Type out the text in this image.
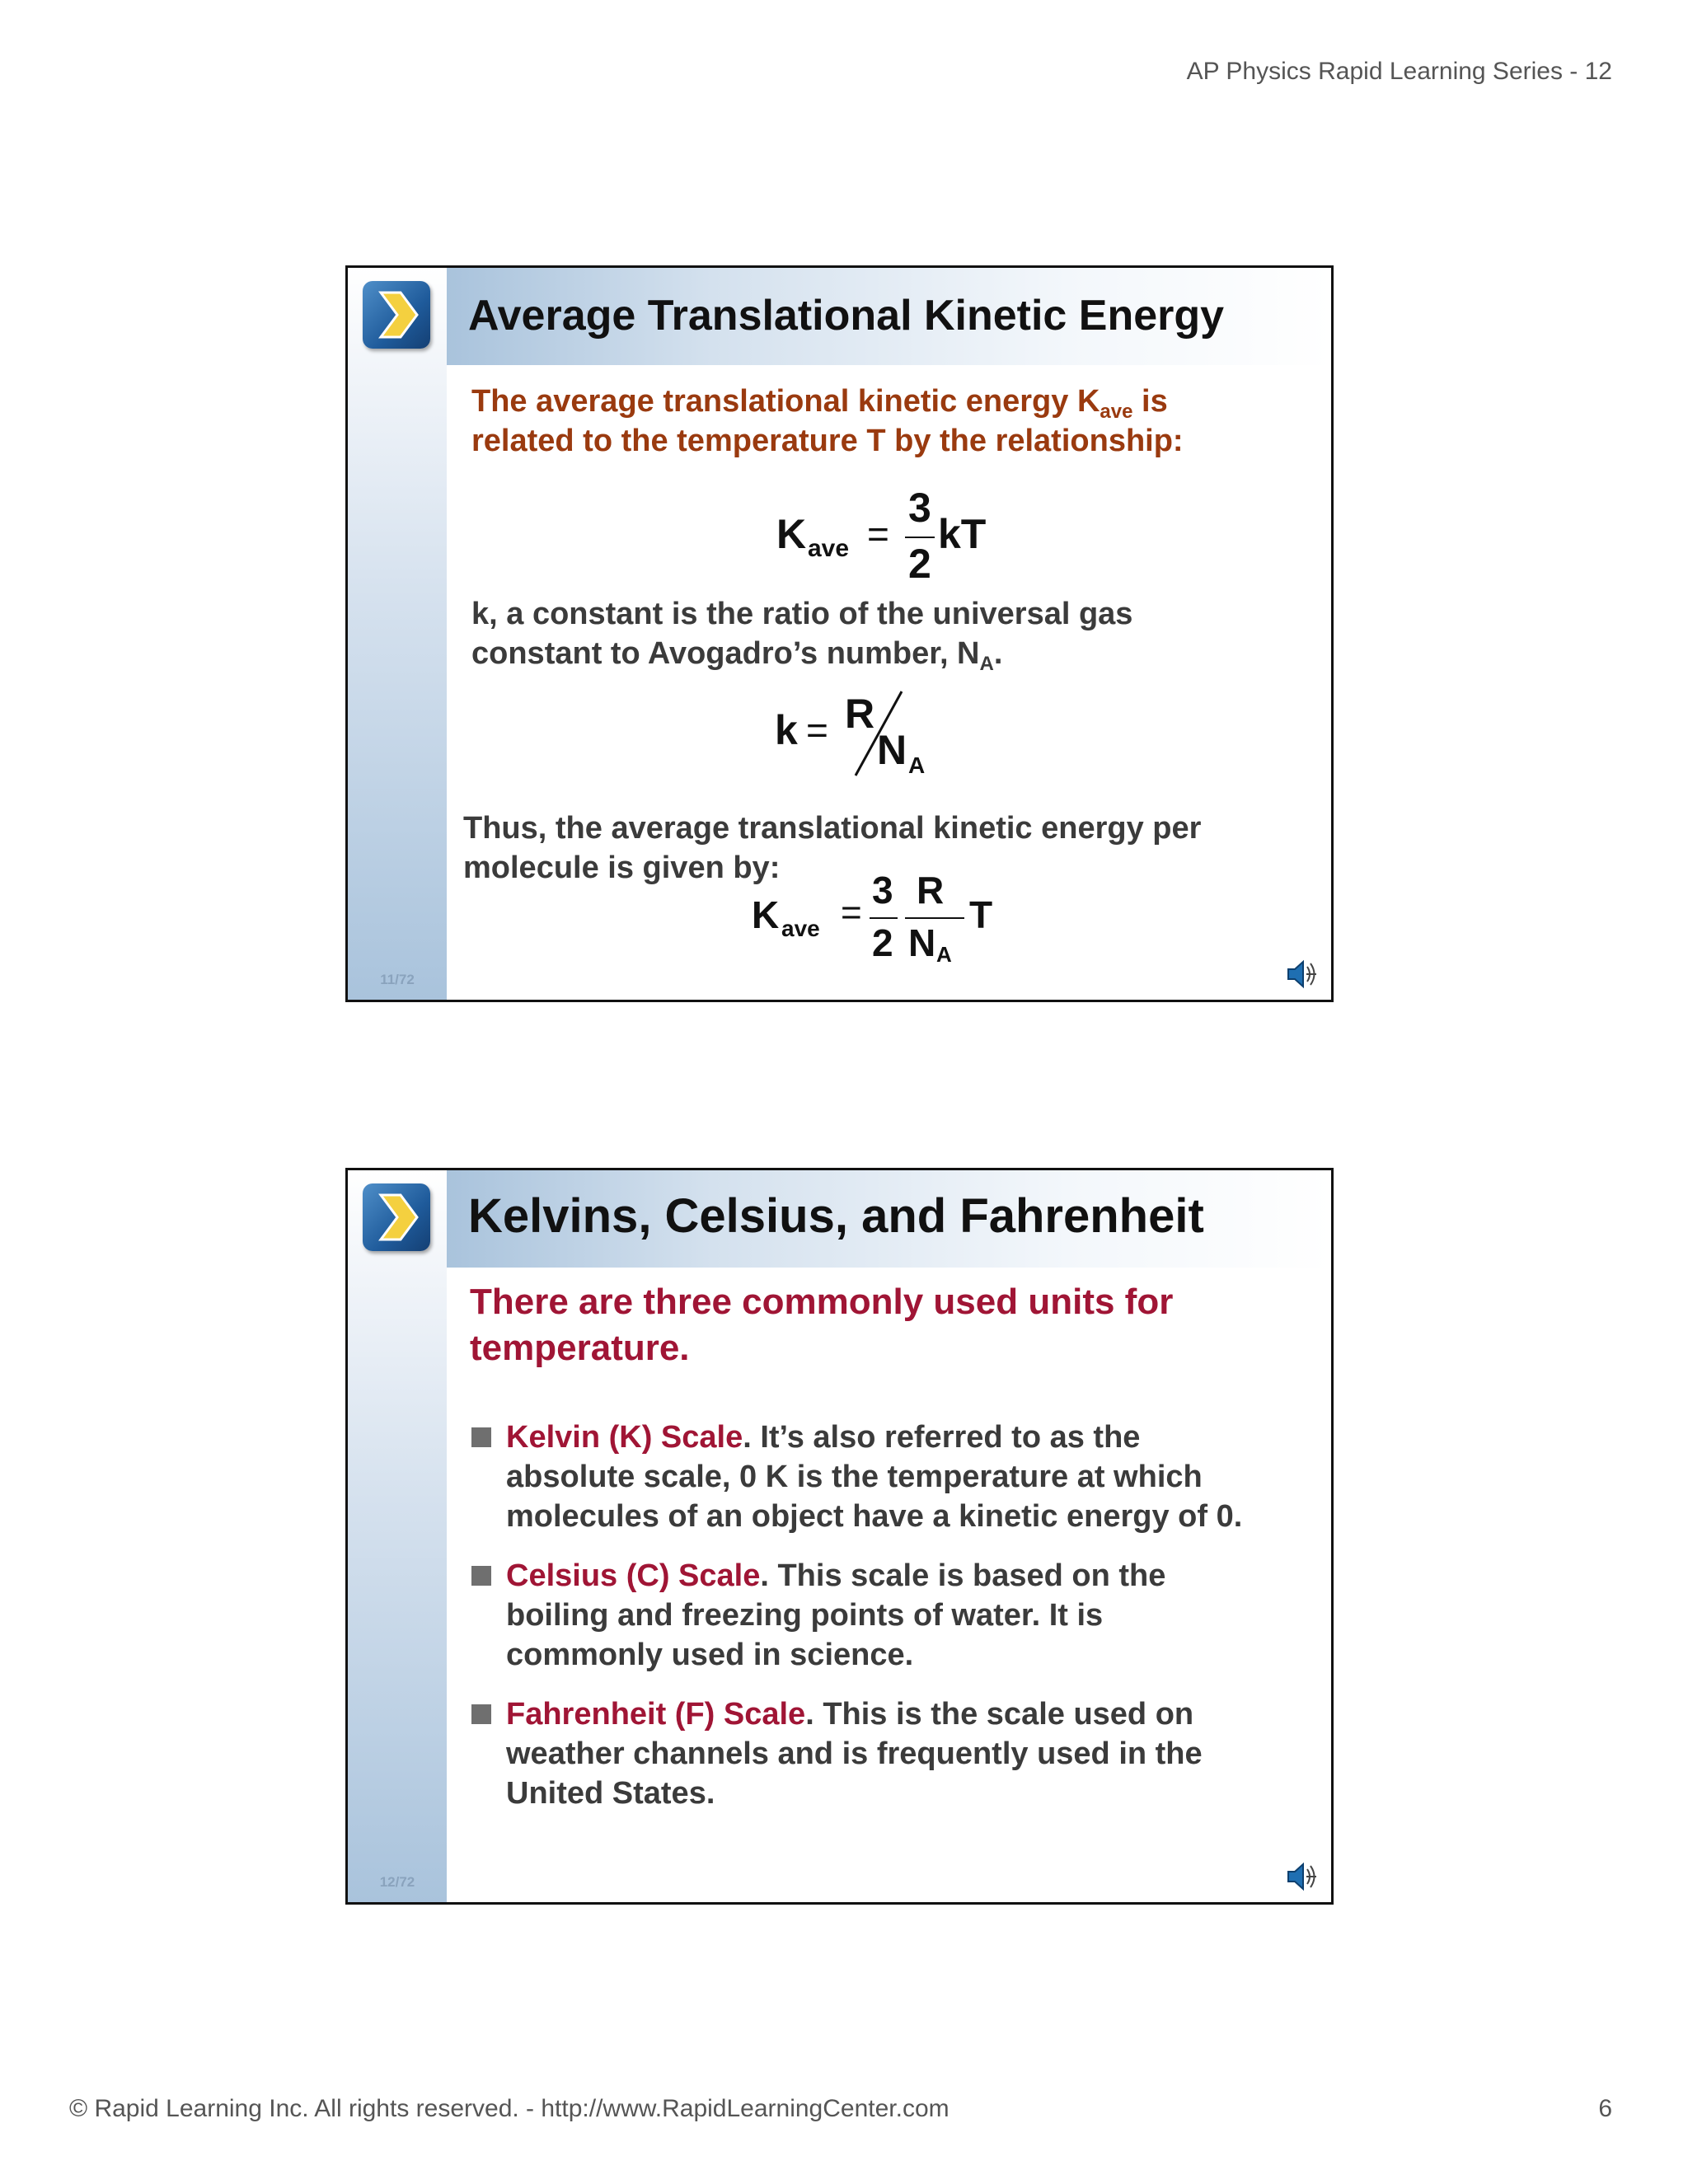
AP Physics Rapid Learning Series - 12
11/72
Average Translational Kinetic Energy
The average translational kinetic energy $K_{ave}$ is
related to the temperature T by the relationship:
K ave =
3
2
kT
k, a constant is the ratio of the universal gas
constant to Avogadro’s number, $N_A$.
k = R
N A
Thus, the average translational kinetic energy per
molecule is given by:
K ave =
3
2
R
N A
T
12/72
Kelvins, Celsius, and Fahrenheit
There are three commonly used units for
temperature.
Kelvin (K) Scale. It’s also referred to as the absolute scale, 0 K is the temperature at which molecules of an object have a kinetic energy of 0.
Celsius (C) Scale. This scale is based on the boiling and freezing points of water. It is commonly used in science.
Fahrenheit (F) Scale. This is the scale used on weather channels and is frequently used in the United States.
© Rapid Learning Inc. All rights reserved. - http://www.RapidLearningCenter.com	6
